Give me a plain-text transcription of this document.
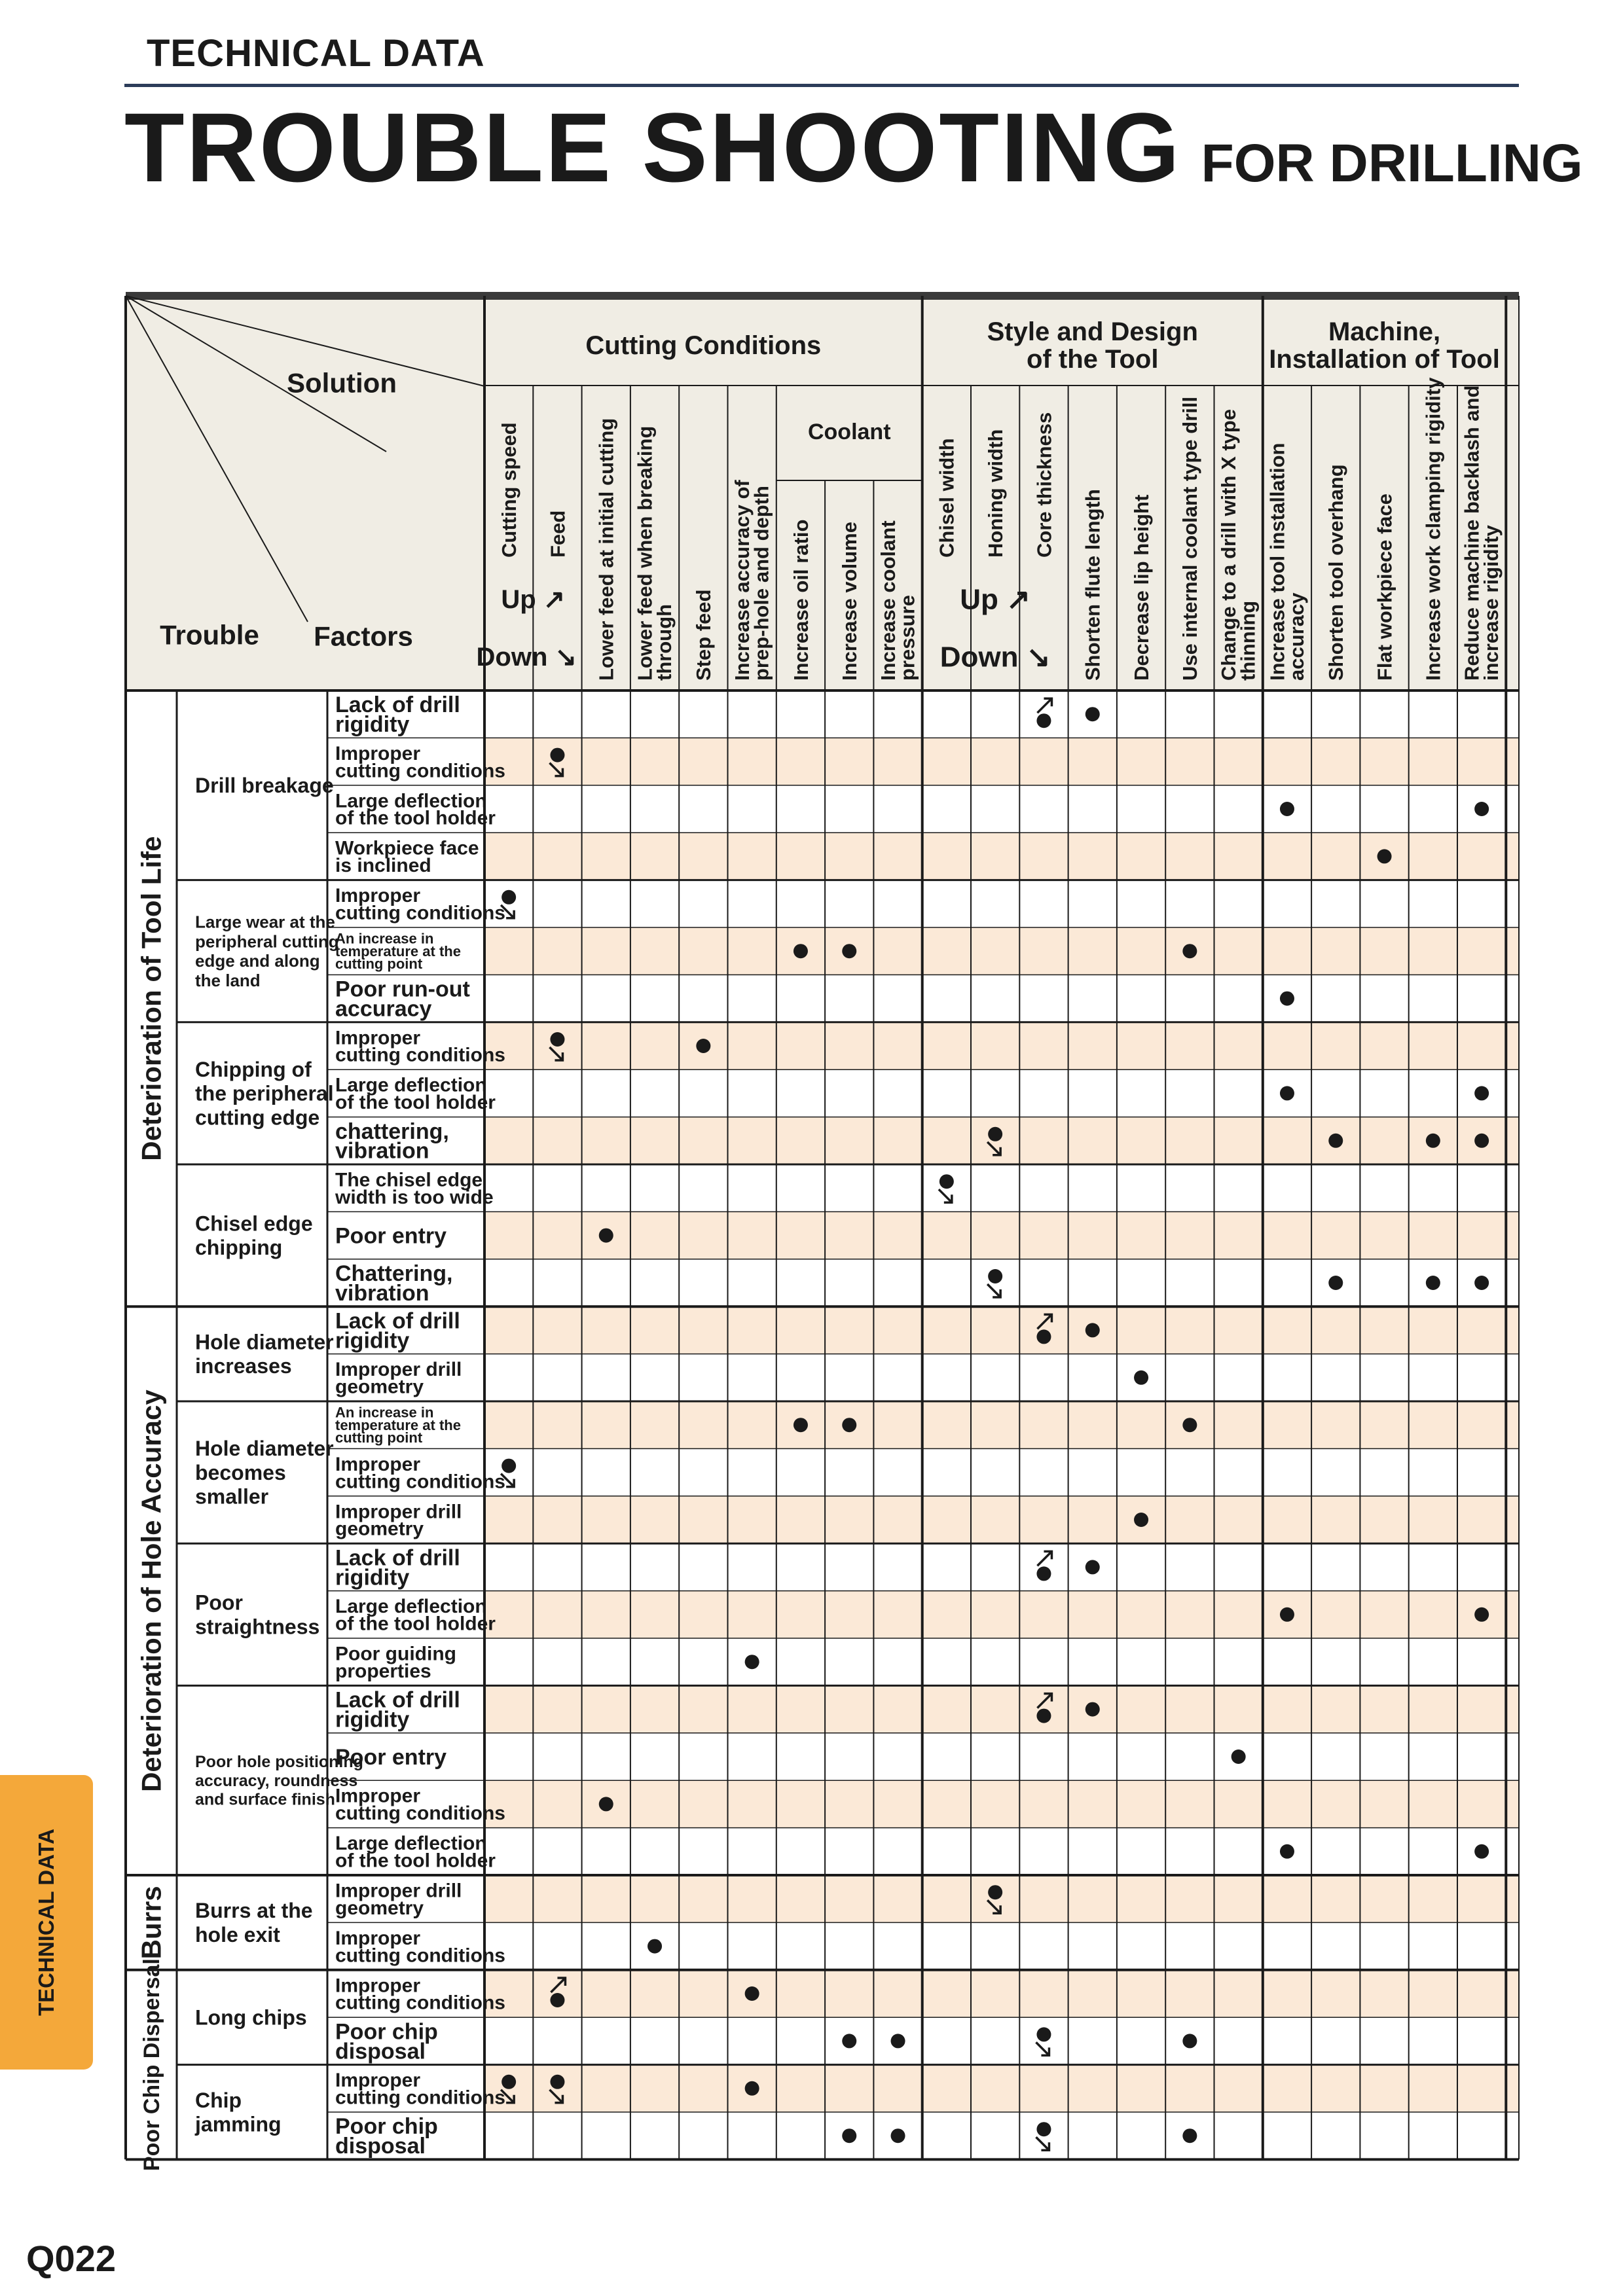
TECHNICAL DATA
TROUBLE SHOOTING FOR DRILLING
Cutting Conditions	Style and Design of the Tool
Machine, Installation of Tool
Coolant
Up ↗
Down ↘
Up ↗
Down ↘
Cutting speed Feed Lower feed at initial cutting Lower feed when breakingthrough Step feed Increase accuracy ofprep-hole and depth Increase oil ratio Increase volume Increase coolantpressure
Chisel width Honing width Core thickness
Shorten flute length Decrease lip height Use internal coolant type drill Change to a drill with X typethinning Increase tool installationaccuracy Shorten tool overhang Flat workpiece face Increase work clamping rigidity Reduce machine backlash andincrease rigidity
Solution
Trouble Factors
Deterioration of Tool Life
Deterioration of Hole Accuracy
Burrs
Poor Chip Dispersal
Drill breakage
Large wear at the peripheral cutting edge and along the land
Chipping of the peripheral cutting edge
Chisel edge chipping
Hole diameter increases
Hole diameter becomes smaller
Poor straightness
Poor hole positioning accuracy, roundness and surface finish
Burrs at the hole exit
Long chips
Chip jamming
Lack of drill rigidity
Improper cutting conditions
Large deflection of the tool holder
Workpiece face is inclined
Improper cutting conditions
An increase in temperature at the cutting point
Poor run-out accuracy
Improper cutting conditions
Large deflection of the tool holder
chattering, vibration
The chisel edge width is too wide
Poor entry
Chattering, vibration
Lack of drill rigidity
Improper drill geometry
An increase in temperature at the cutting point
Improper cutting conditions
Improper drill geometry
Lack of drill rigidity
Large deflection of the tool holder
Poor guiding properties
Lack of drill rigidity
Poor entry
Improper cutting conditions
Large deflection of the tool holder
Improper drill geometry
Improper cutting conditions
Improper cutting conditions
Poor chip disposal
Improper cutting conditions
Poor chip disposal
TECHNICAL DATA
Q022
